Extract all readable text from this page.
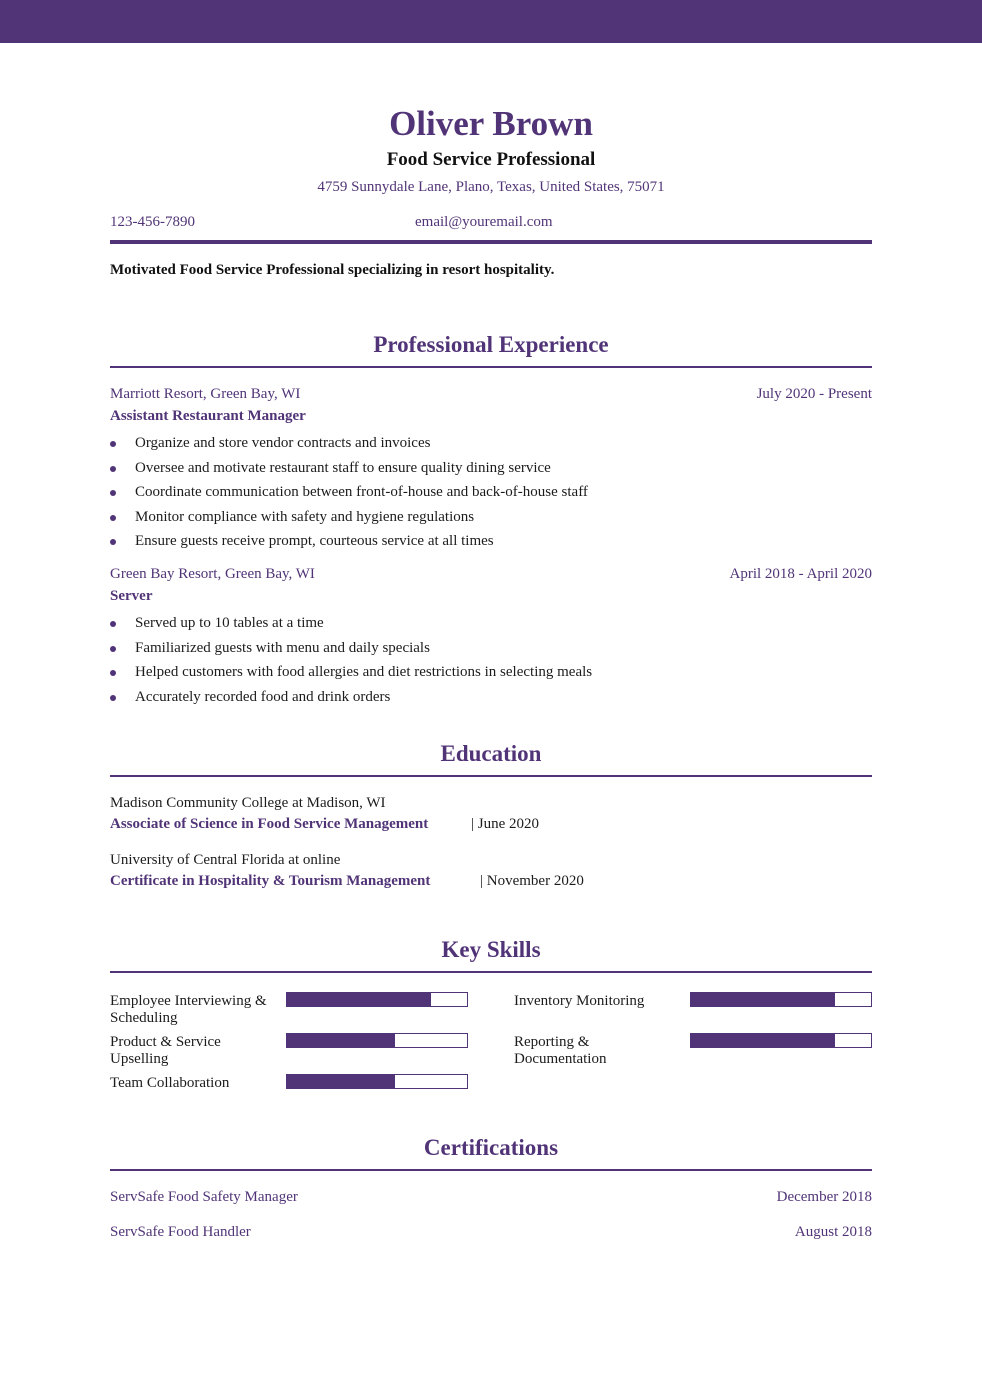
Oliver Brown
Food Service Professional
4759 Sunnydale Lane, Plano, Texas, United States, 75071
123-456-7890	email@youremail.com
Motivated Food Service Professional specializing in resort hospitality.
Professional Experience
Marriott Resort, Green Bay, WI	July 2020 - Present
Assistant Restaurant Manager
Organize and store vendor contracts and invoices
Oversee and motivate restaurant staff to ensure quality dining service
Coordinate communication between front-of-house and back-of-house staff
Monitor compliance with safety and hygiene regulations
Ensure guests receive prompt, courteous service at all times
Green Bay Resort, Green Bay, WI	April 2018 - April 2020
Server
Served up to 10 tables at a time
Familiarized guests with menu and daily specials
Helped customers with food allergies and diet restrictions in selecting meals
Accurately recorded food and drink orders
Education
Madison Community College at Madison, WI
Associate of Science in Food Service Management	| June 2020
University of Central Florida at online
Certificate in Hospitality & Tourism Management	| November 2020
Key Skills
Employee Interviewing & Scheduling
Inventory Monitoring
Product & Service Upselling
Reporting & Documentation
Team Collaboration
Certifications
ServSafe Food Safety Manager	December 2018
ServSafe Food Handler	August 2018
